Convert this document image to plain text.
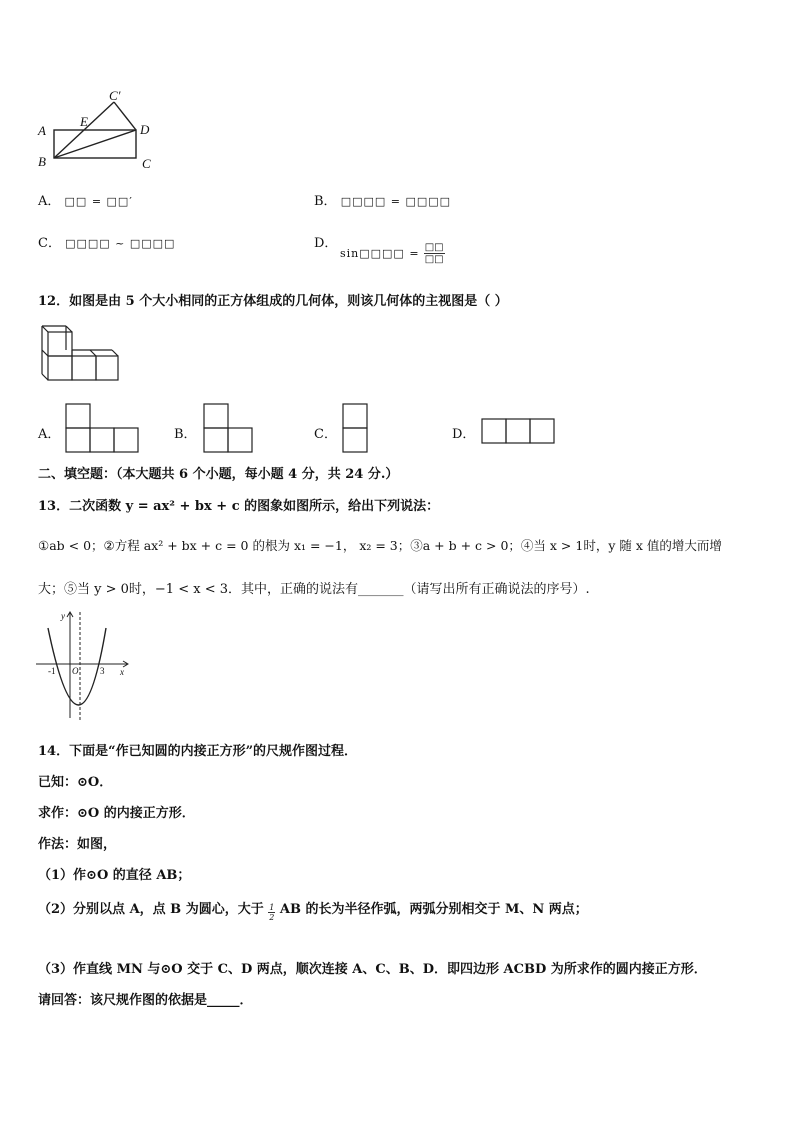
A
B	C
D
E
C′
A． □□ = □□′	B． □□□□ = □□□□
C． □□□□ ~ □□□□	D．
sin□□□□ = $\frac{□□}{□□}$
12．如图是由 5 个大小相同的正方体组成的几何体，则该几何体的主视图是（ ）
A．	B．	C．	D．
二、填空题：（本大题共 6 个小题，每小题 4 分，共 24 分.）
13．二次函数 y = ax² + bx + c 的图象如图所示，给出下列说法：
①ab < 0；②方程 ax² + bx + c = 0 的根为 x₁ = −1， x₂ = 3；③a + b + c > 0；④当 x > 1时，y 随 x 值的增大而增
大；⑤当 y > 0时，−1 < x < 3．其中，正确的说法有_______（请写出所有正确说法的序号）.
y
x
O
-1	3
14．下面是“作已知圆的内接正方形”的尺规作图过程．
已知：⊙O．
求作：⊙O 的内接正方形．
作法：如图，
（1）作⊙O 的直径 AB；
（2）分别以点 A，点 B 为圆心，大于 $\frac{1}{2}$ AB 的长为半径作弧，两弧分别相交于 M、N 两点；
（3）作直线 MN 与⊙O 交于 C、D 两点，顺次连接 A、C、B、D．即四边形 ACBD 为所求作的圆内接正方形．
请回答：该尺规作图的依据是_____．
